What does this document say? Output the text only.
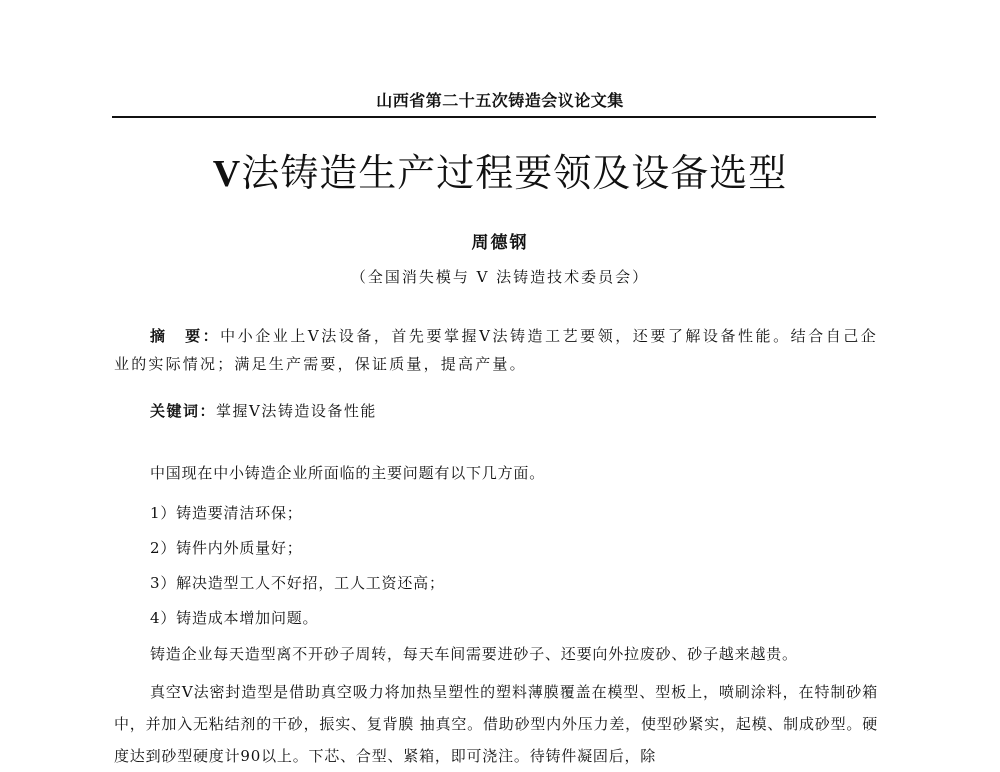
山西省第二十五次铸造会议论文集
V法铸造生产过程要领及设备选型
周德钢
（全国消失模与 V 法铸造技术委员会）
摘　要：中小企业上V法设备，首先要掌握V法铸造工艺要领，还要了解设备性能。结合自己企业的实际情况；满足生产需要，保证质量，提高产量。
关键词：掌握V法铸造设备性能
中国现在中小铸造企业所面临的主要问题有以下几方面。
1）铸造要清洁环保；
2）铸件内外质量好；
3）解决造型工人不好招，工人工资还高；
4）铸造成本增加问题。
铸造企业每天造型离不开砂子周转，每天车间需要进砂子、还要向外拉废砂、砂子越来越贵。
真空V法密封造型是借助真空吸力将加热呈塑性的塑料薄膜覆盖在模型、型板上，喷刷涂料，在特制砂箱中，并加入无粘结剂的干砂，振实、复背膜 抽真空。借助砂型内外压力差，使型砂紧实，起模、制成砂型。硬度达到砂型硬度计90以上。下芯、合型、紧箱，即可浇注。待铸件凝固后，除
